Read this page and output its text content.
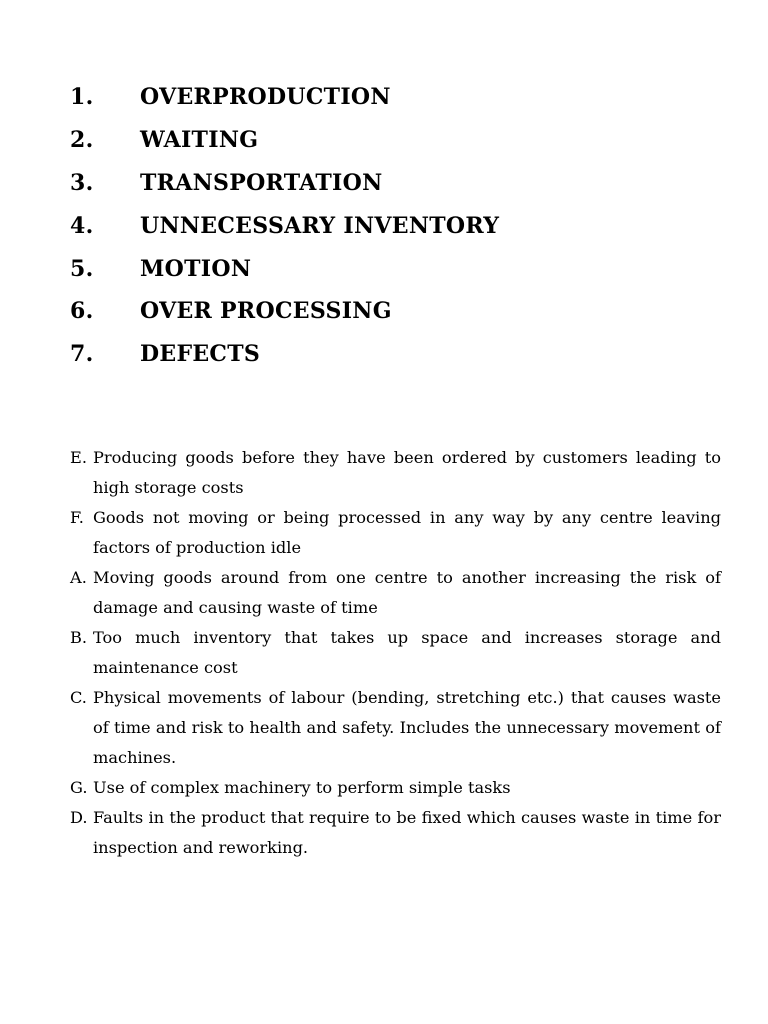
1.	OVERPRODUCTION
2.	WAITING
3.	TRANSPORTATION
4.	UNNECESSARY INVENTORY
5.	MOTION
6.	OVER PROCESSING
7.	DEFECTS
E. Producing goods before they have been ordered by customers leading to high storage costs
F. Goods not moving or being processed in any way by any centre leaving factors of production idle
A. Moving goods around from one centre to another increasing the risk of damage and causing waste of time
B. Too much inventory that takes up space and increases storage and maintenance cost
C. Physical movements of labour (bending, stretching etc.) that causes waste of time and risk to health and safety. Includes the unnecessary movement of machines.
G. Use of complex machinery to perform simple tasks
D. Faults in the product that require to be fixed which causes waste in time for inspection and reworking.
